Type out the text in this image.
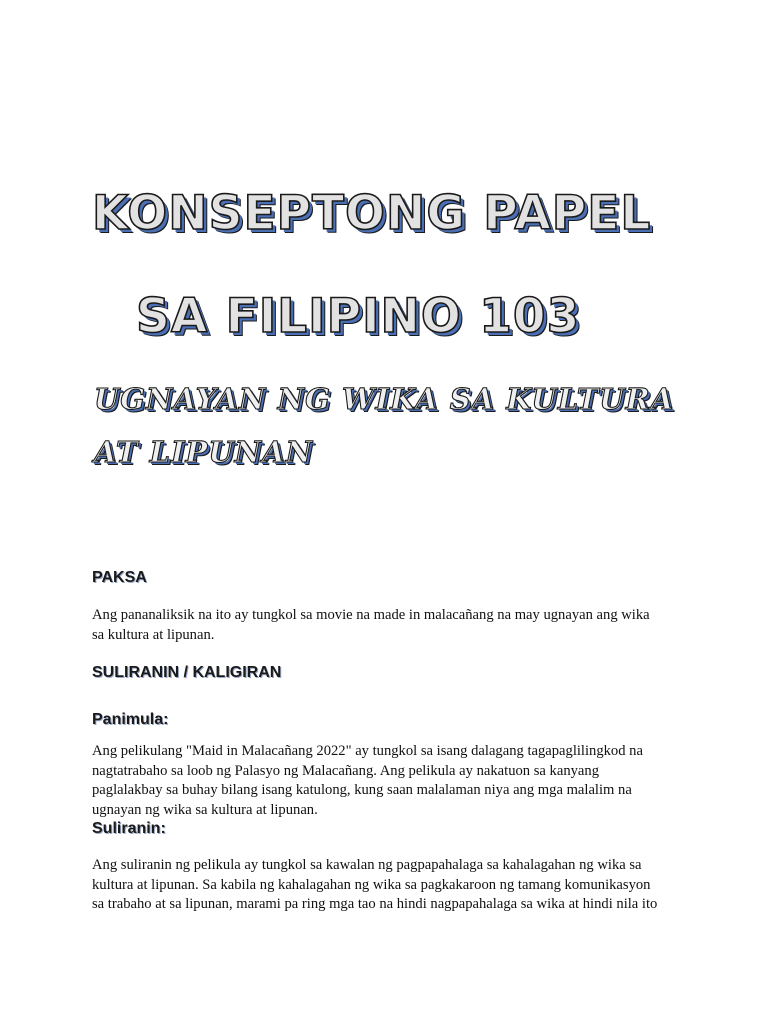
KONSEPTONG PAPEL
SA FILIPINO 103
UGNAYAN NG WIKA SA KULTURA
AT LIPUNAN
PAKSA

Ang pananaliksik na ito ay tungkol sa movie na made in malacañang na may ugnayan ang wika
sa kultura at lipunan.

SULIRANIN / KALIGIRAN
Panimula:

Ang pelikulang "Maid in Malacañang 2022" ay tungkol sa isang dalagang tagapaglilingkod na
nagtatrabaho sa loob ng Palasyo ng Malacañang. Ang pelikula ay nakatuon sa kanyang
paglalakbay sa buhay bilang isang katulong, kung saan malalaman niya ang mga malalim na
ugnayan ng wika sa kultura at lipunan.

Suliranin:

Ang suliranin ng pelikula ay tungkol sa kawalan ng pagpapahalaga sa kahalagahan ng wika sa
kultura at lipunan. Sa kabila ng kahalagahan ng wika sa pagkakaroon ng tamang komunikasyon
sa trabaho at sa lipunan, marami pa ring mga tao na hindi nagpapahalaga sa wika at hindi nila ito
